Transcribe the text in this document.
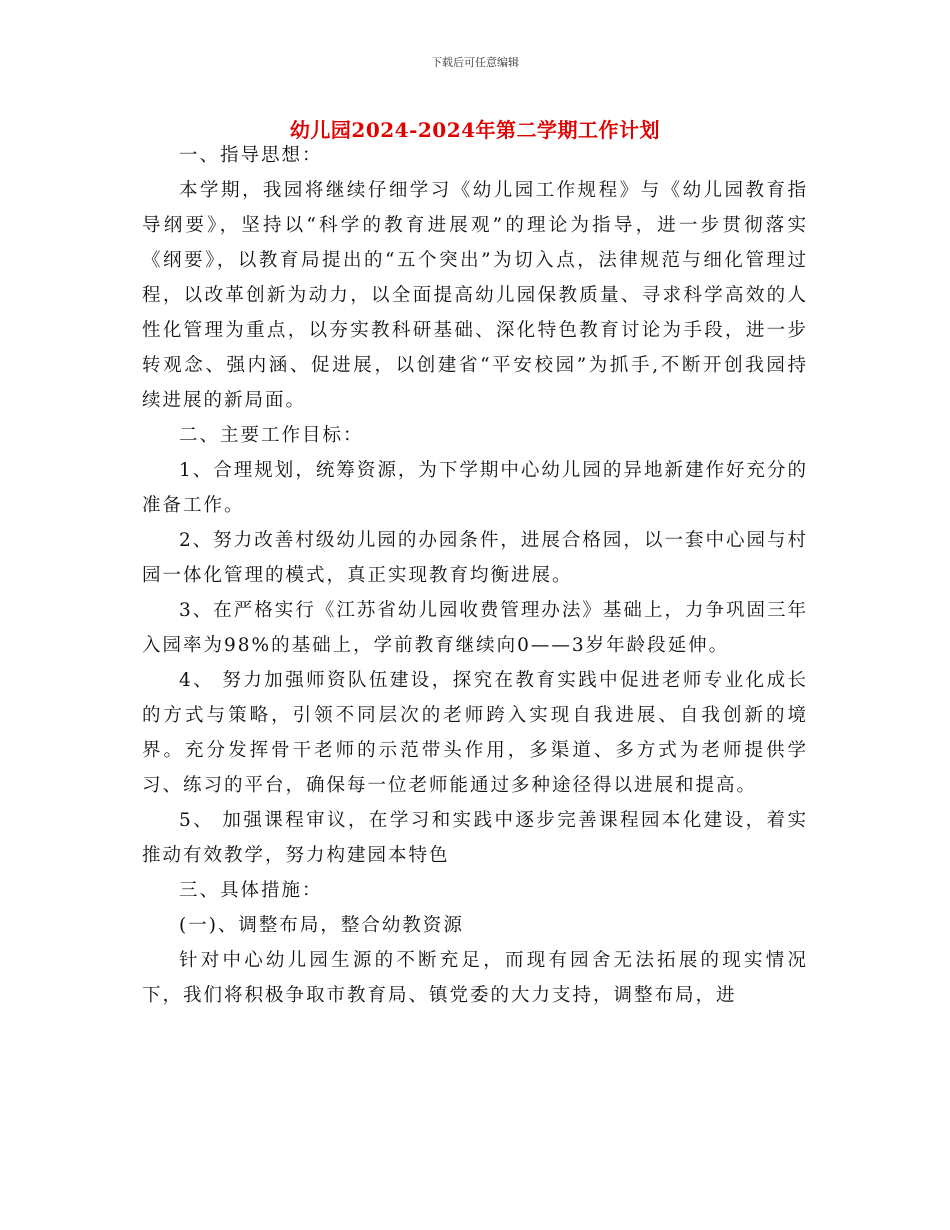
下载后可任意编辑
幼儿园2024-2024年第二学期工作计划

一、指导思想：

本学期，我园将继续仔细学习《幼儿园工作规程》与《幼儿园教育指导纲要》，坚持以“科学的教育进展观”的理论为指导，进一步贯彻落实《纲要》，以教育局提出的“五个突出”为切入点，法律规范与细化管理过程，以改革创新为动力，以全面提高幼儿园保教质量、寻求科学高效的人性化管理为重点，以夯实教科研基础、深化特色教育讨论为手段，进一步转观念、强内涵、促进展，以创建省“平安校园”为抓手,不断开创我园持续进展的新局面。

二、主要工作目标：

1、合理规划，统筹资源，为下学期中心幼儿园的异地新建作好充分的准备工作。

2、努力改善村级幼儿园的办园条件，进展合格园，以一套中心园与村园一体化管理的模式，真正实现教育均衡进展。

3、在严格实行《江苏省幼儿园收费管理办法》基础上，力争巩固三年入园率为98%的基础上，学前教育继续向0——3岁年龄段延伸。

4、 努力加强师资队伍建设，探究在教育实践中促进老师专业化成长的方式与策略，引领不同层次的老师跨入实现自我进展、自我创新的境界。充分发挥骨干老师的示范带头作用，多渠道、多方式为老师提供学习、练习的平台，确保每一位老师能通过多种途径得以进展和提高。

5、 加强课程审议，在学习和实践中逐步完善课程园本化建设，着实推动有效教学，努力构建园本特色

三、具体措施：

(一)、调整布局，整合幼教资源

针对中心幼儿园生源的不断充足，而现有园舍无法拓展的现实情况下，我们将积极争取市教育局、镇党委的大力支持，调整布局，进
